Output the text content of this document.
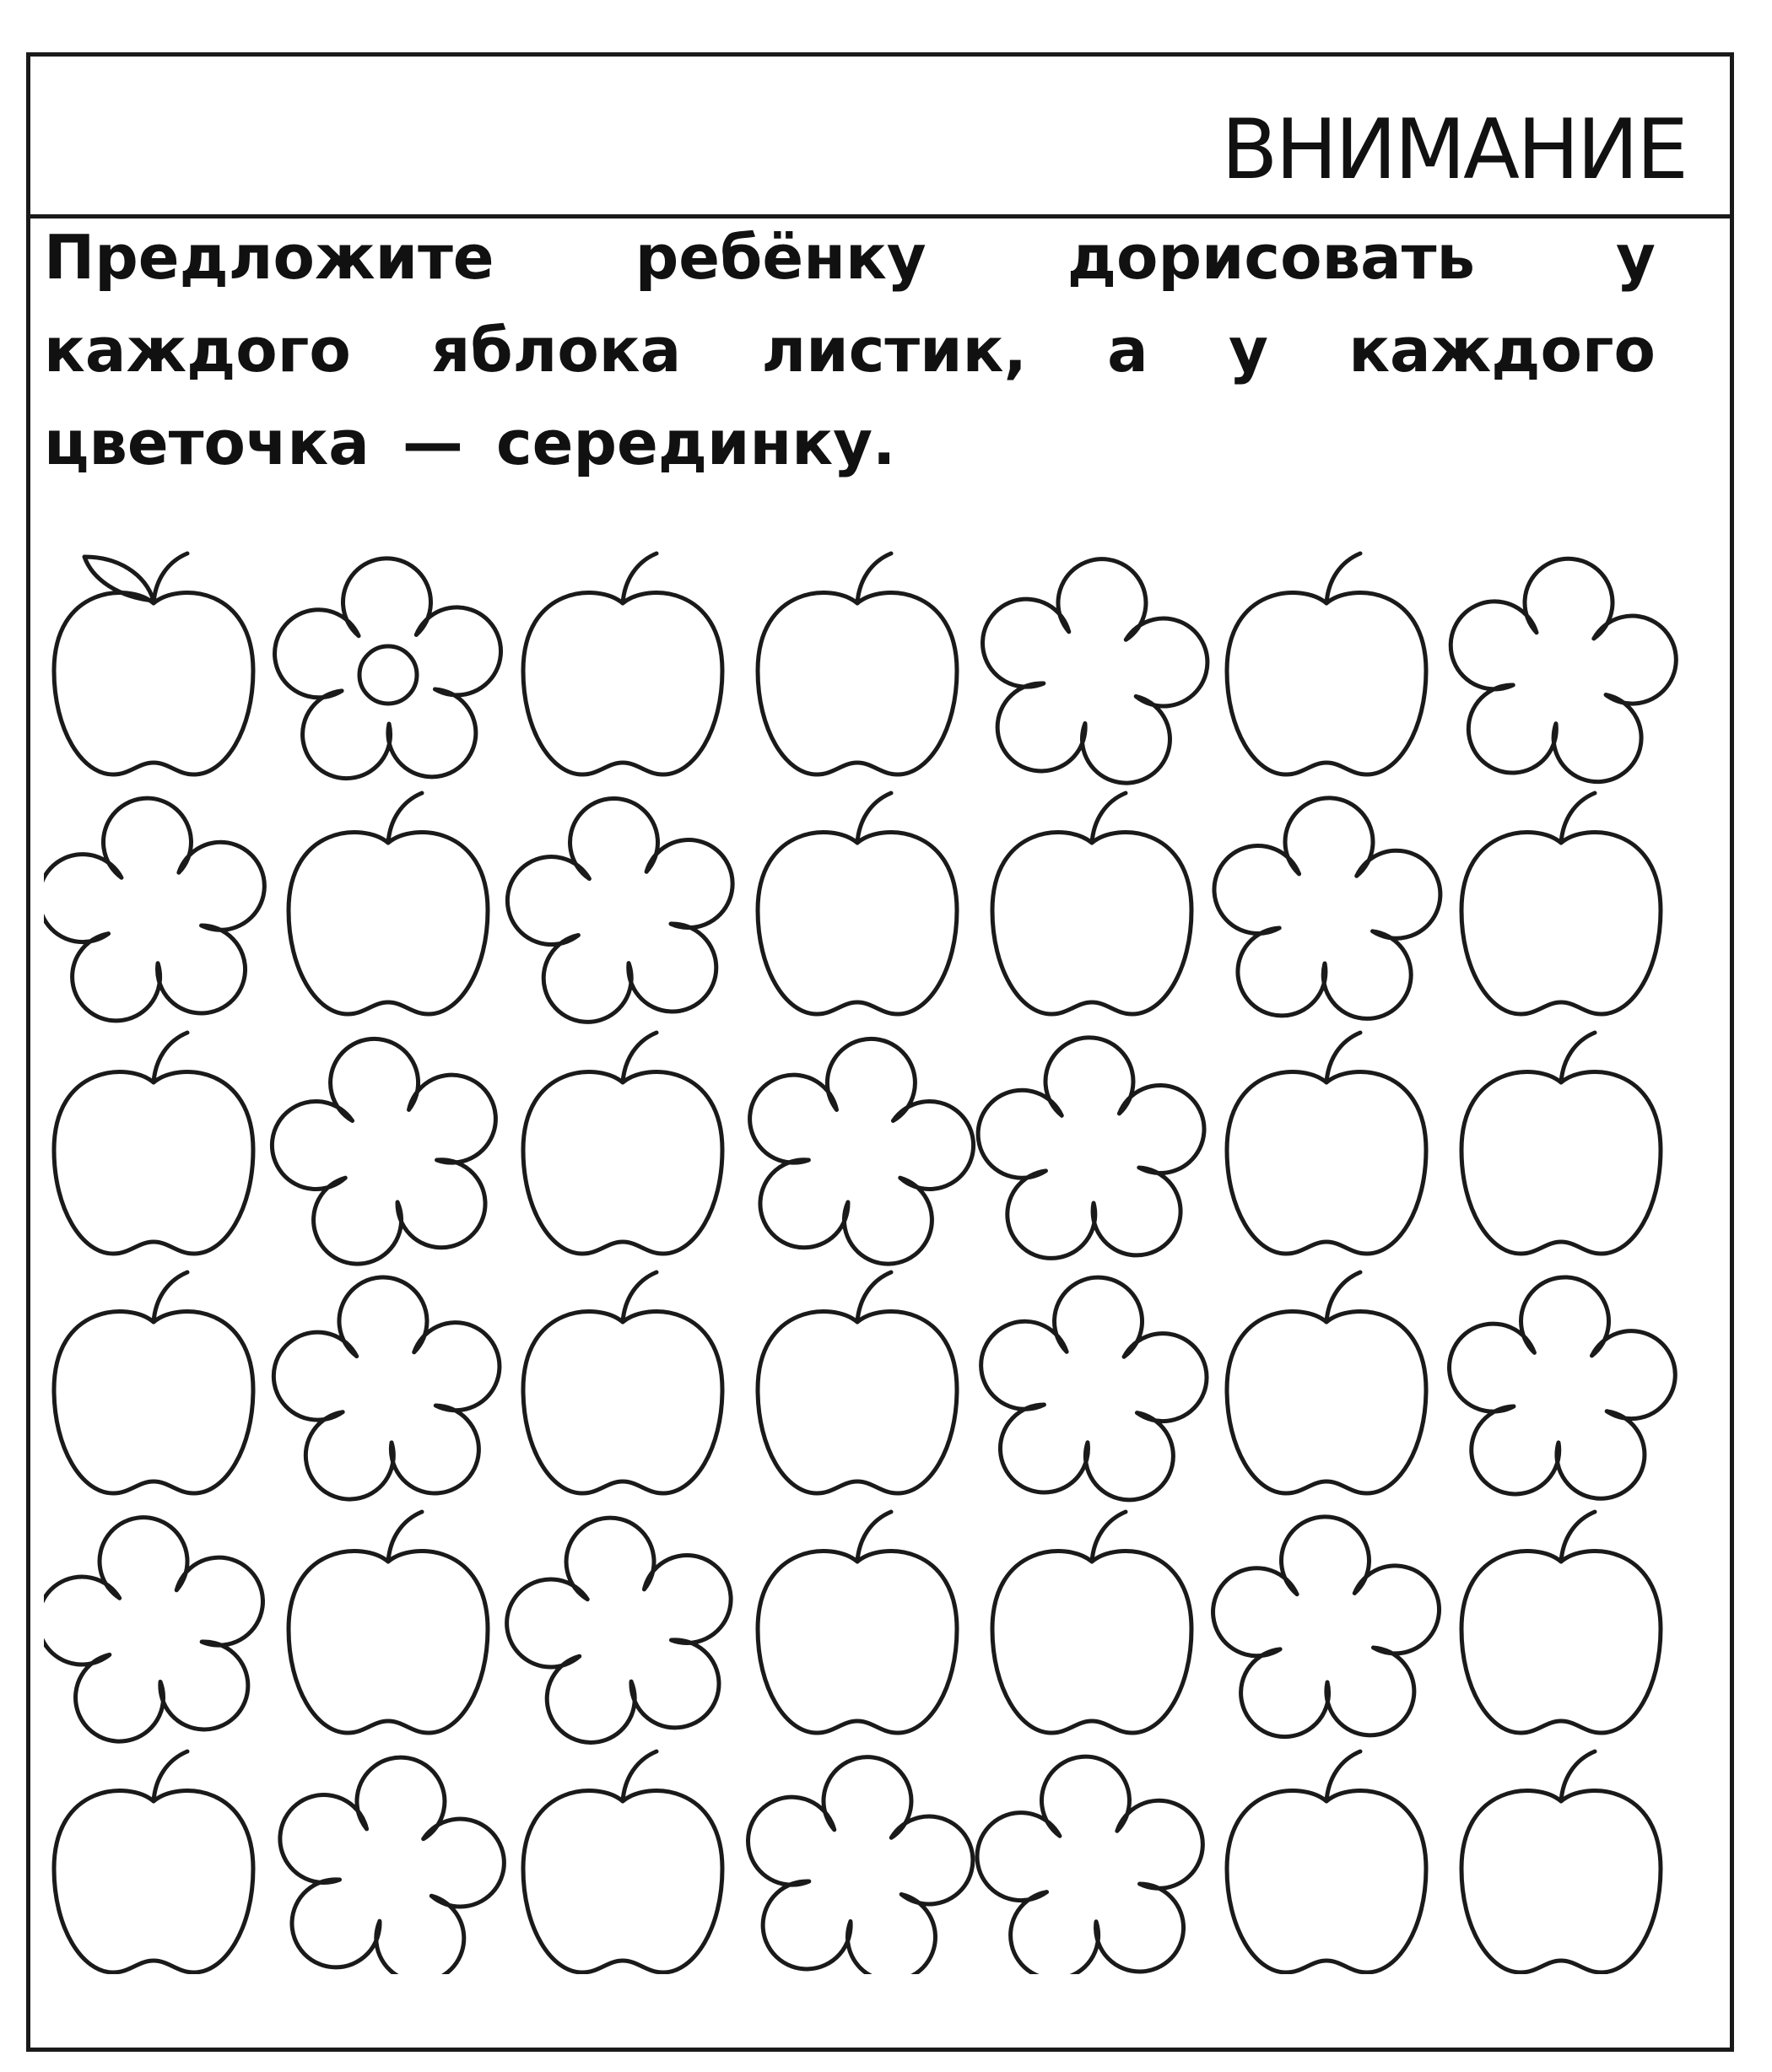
ВНИМАНИЕ

Предложите ребёнку дорисовать у каждого яблока листик, а у каждого цветочка — серединку.
